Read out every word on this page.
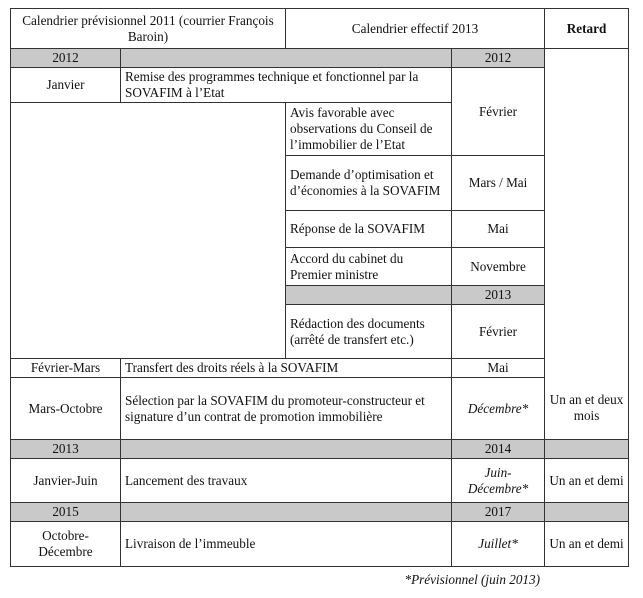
Calendrier prévisionnel 2011 (courrier François Baroin)		Calendrier effectif 2013		Retard
2012			2012	
Janvier	Remise des programmes technique et fonctionnel par la SOVAFIM à l’Etat		Février	
		Avis favorable avec observations du Conseil de l’immobilier de l’Etat		
		Demande d’optimisation et d’économies à la SOVAFIM	Mars / Mai	
		Réponse de la SOVAFIM	Mai	
		Accord du cabinet du Premier ministre	Novembre	
			2013	
		Rédaction des documents (arrêté de transfert etc.)	Février	
Février-Mars	Transfert des droits réels à la SOVAFIM		Mai	
Mars-Octobre	Sélection par la SOVAFIM du promoteur-constructeur et signature d’un contrat de promotion immobilière		Décembre*	Un an et deux mois
2013			2014	
Janvier-Juin	Lancement des travaux		Juin-Décembre*	Un an et demi
2015			2017	
Octobre-Décembre	Livraison de l’immeuble		Juillet*	Un an et demi
*Prévisionnel (juin 2013)
